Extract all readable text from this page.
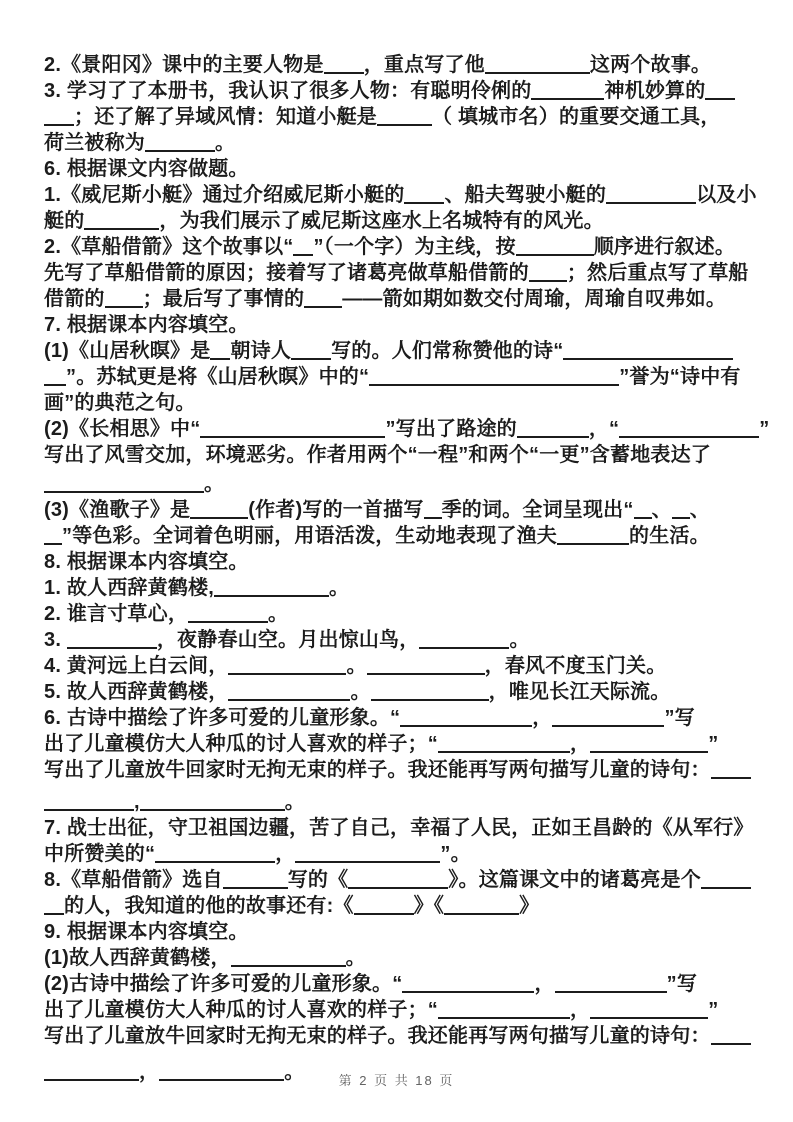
2.《景阳冈》课中的主要人物是 ，重点写了他	这两个故事。
3. 学习了了本册书，我认识了很多人物：有聪明伶俐的	神机妙算的
；还了解了异域风情：知道小艇是	（ 填城市名）的重要交通工具，
荷兰被称为	。
6. 根据课文内容做题。
1.《威尼斯小艇》通过介绍威尼斯小艇的 、船夫驾驶小艇的	以及小
艇的	，为我们展示了威尼斯这座水上名城特有的风光。
2.《草船借箭》这个故事以“ ”（一个字）为主线，按	顺序进行叙述。
先写了草船借箭的原因；接着写了诸葛亮做草船借箭的 ；然后重点写了草船
借箭的 ；最后写了事情的 ——箭如期如数交付周瑜，周瑜自叹弗如。
7. 根据课本内容填空。
(1)《山居秋暝》是 朝诗人 写的。人们常称赞他的诗“
”。苏轼更是将《山居秋暝》中的“	”誉为“诗中有
画”的典范之句。
(2)《长相思》中“	”写出了路途的	，“	”
写出了风雪交加，环境恶劣。作者用两个“一程”和两个“一更”含蓄地表达了
。
(3)《渔歌子》是	(作者)写的一首描写 季的词。全词呈现出“ 、 、
”等色彩。全词着色明丽，用语活泼，生动地表现了渔夫	的生活。
8. 根据课本内容填空。
1. 故人西辞黄鹤楼,	。
2. 谁言寸草心，	。
3.	，夜静春山空。月出惊山鸟，	。
4. 黄河远上白云间，	。	，春风不度玉门关。
5. 故人西辞黄鹤楼，	。	，唯见长江天际流。
6. 古诗中描绘了许多可爱的儿童形象。“	，	”写
出了儿童模仿大人种瓜的讨人喜欢的样子；“	，	”
写出了儿童放牛回家时无拘无束的样子。我还能再写两句描写儿童的诗句：
,	。
7. 战士出征，守卫祖国边疆，苦了自己，幸福了人民，正如王昌龄的《从军行》
中所赞美的“	，	”。
8.《草船借箭》选自	写的《	》。这篇课文中的诸葛亮是个
的人，我知道的他的故事还有:《	》《	》
9. 根据课本内容填空。
(1)故人西辞黄鹤楼，	。
(2)古诗中描绘了许多可爱的儿童形象。“	，	”写
出了儿童模仿大人种瓜的讨人喜欢的样子；“	，	”
写出了儿童放牛回家时无拘无束的样子。我还能再写两句描写儿童的诗句：
，	。	第 2 页 共 18 页
